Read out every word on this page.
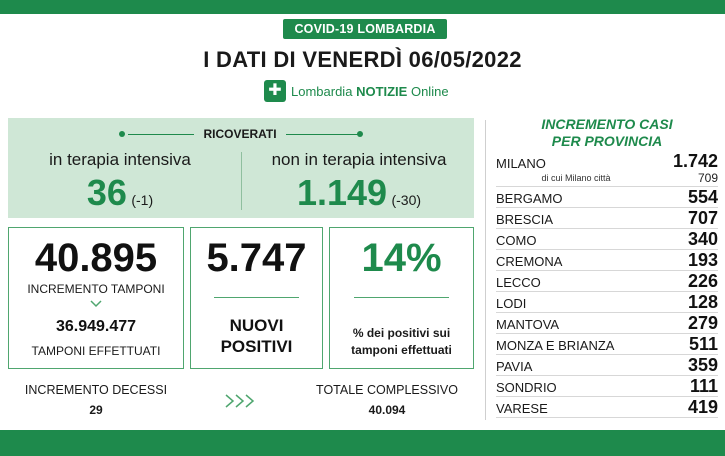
COVID-19 LOMBARDIA
I DATI DI VENERDÌ 06/05/2022
✚ Lombardia NOTIZIE Online
RICOVERATI
in terapia intensiva
36 (-1)
non in terapia intensiva
1.149 (-30)
40.895
INCREMENTO TAMPONI
36.949.477
TAMPONI EFFETTUATI
5.747
NUOVI
POSITIVI
14%
% dei positivi sui
tamponi effettuati
INCREMENTO DECESSI
29
TOTALE COMPLESSIVO
40.094
INCREMENTO CASI
PER PROVINCIA
MILANO	1.742
di cui Milano città	709
BERGAMO	554
BRESCIA	707
COMO	340
CREMONA	193
LECCO	226
LODI	128
MANTOVA	279
MONZA E BRIANZA	511
PAVIA	359
SONDRIO	111
VARESE	419
